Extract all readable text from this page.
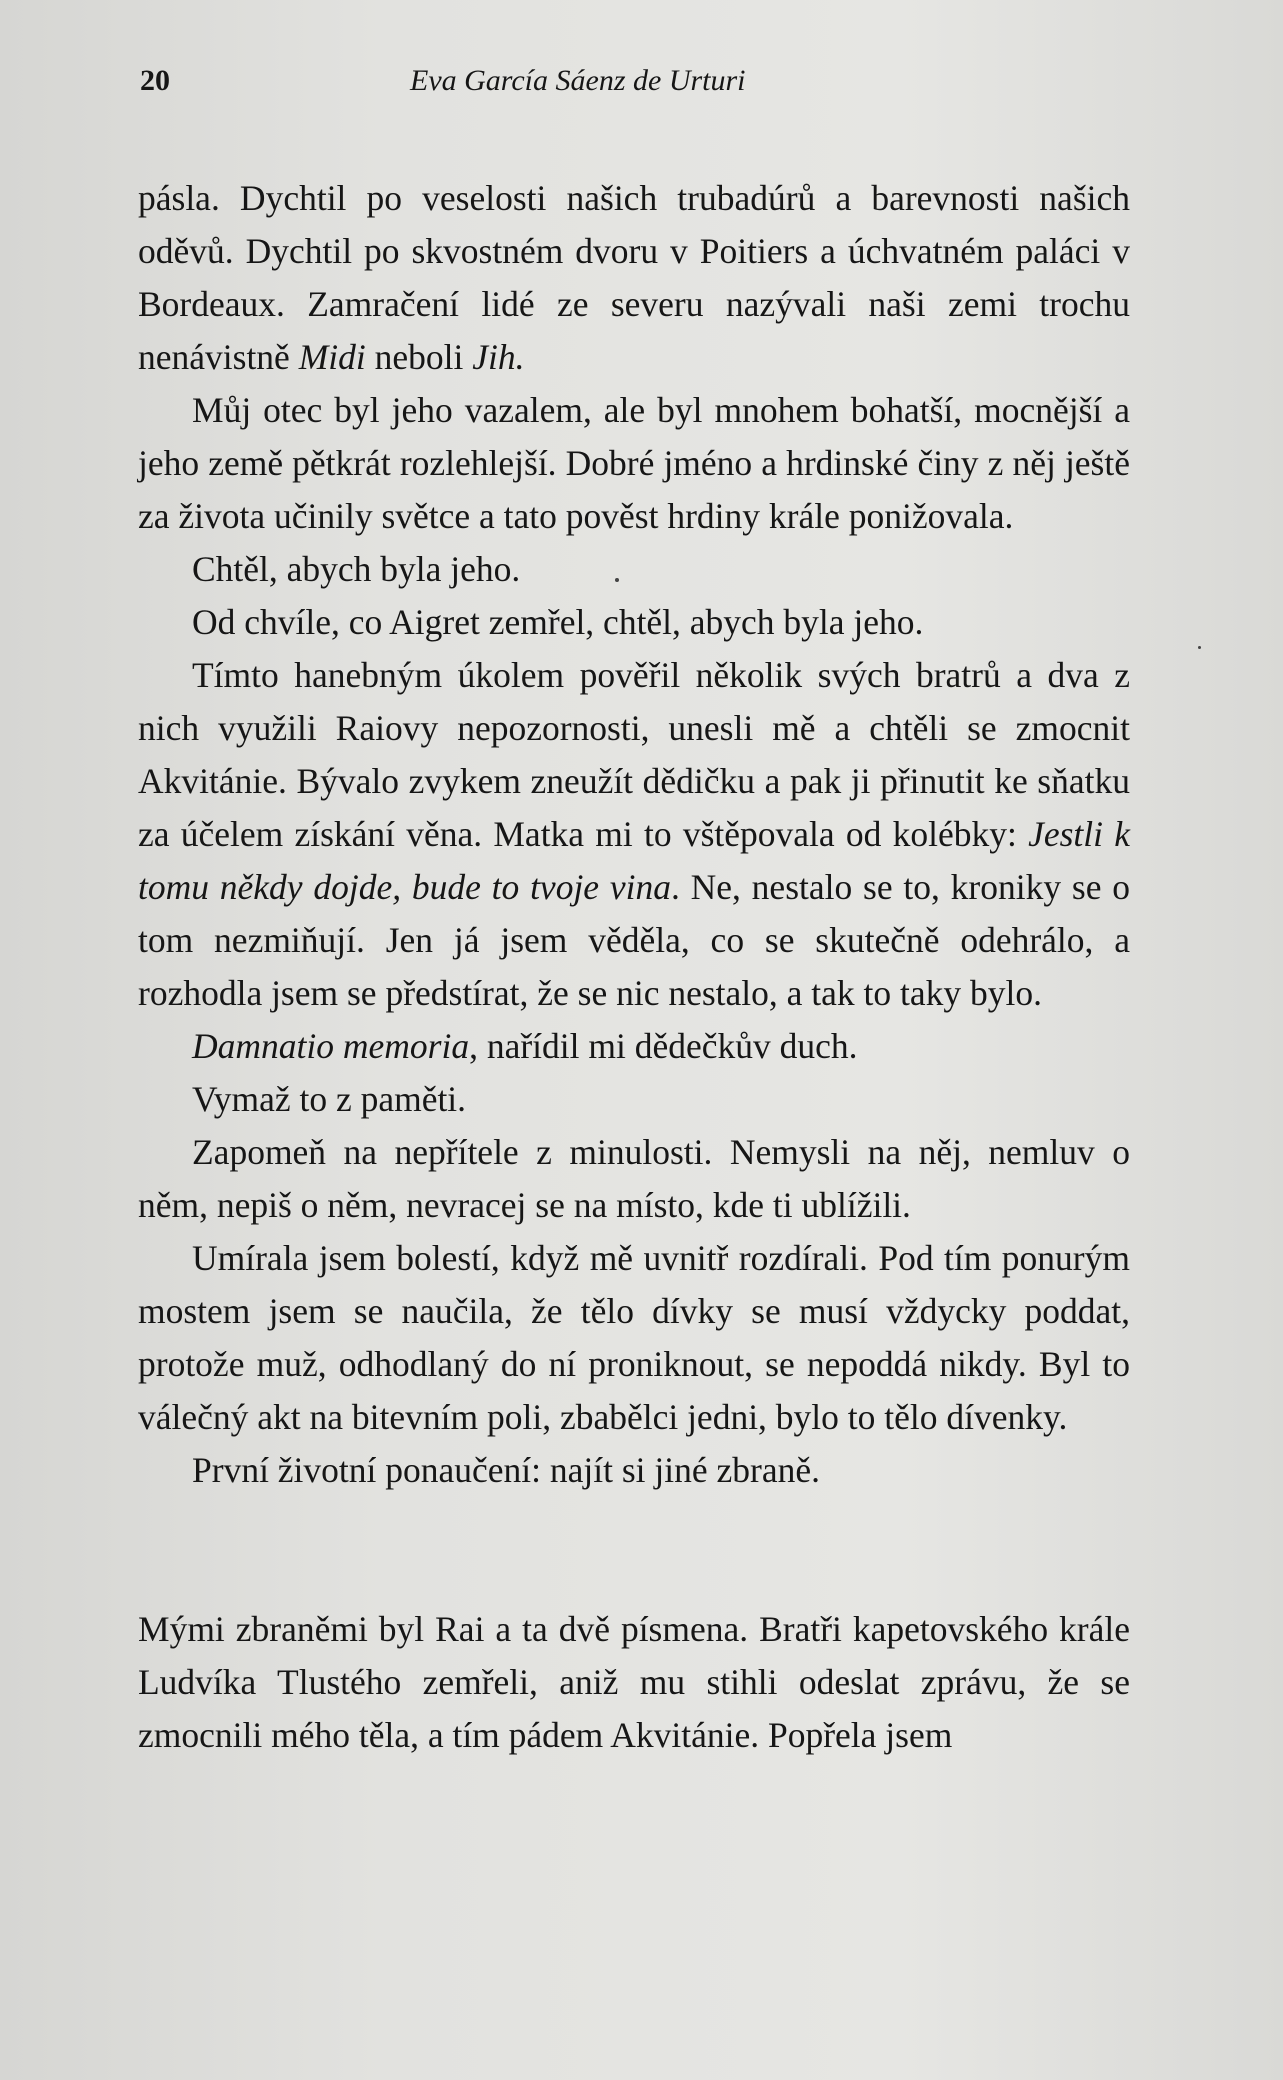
20	Eva García Sáenz de Urturi

pásla. Dychtil po veselosti našich trubadúrů a barevnosti našich oděvů. Dychtil po skvostném dvoru v Poitiers a úchvatném paláci v Bordeaux. Zamračení lidé ze severu nazývali naši zemi trochu nenávistně Midi neboli Jih.

Můj otec byl jeho vazalem, ale byl mnohem bohatší, mocnější a jeho země pětkrát rozlehlejší. Dobré jméno a hrdinské činy z něj ještě za života učinily světce a tato pověst hrdiny krále ponižovala.

Chtěl, abych byla jeho.

Od chvíle, co Aigret zemřel, chtěl, abych byla jeho.

Tímto hanebným úkolem pověřil několik svých bratrů a dva z nich využili Raiovy nepozornosti, unesli mě a chtěli se zmocnit Akvitánie. Bývalo zvykem zneužít dědičku a pak ji přinutit ke sňatku za účelem získání věna. Matka mi to vštěpovala od kolébky: Jestli k tomu někdy dojde, bude to tvoje vina. Ne, nestalo se to, kroniky se o tom nezmiňují. Jen já jsem věděla, co se skutečně odehrálo, a rozhodla jsem se předstírat, že se nic nestalo, a tak to taky bylo.

Damnatio memoria, nařídil mi dědečkův duch.

Vymaž to z paměti.

Zapomeň na nepřítele z minulosti. Nemysli na něj, nemluv o něm, nepiš o něm, nevracej se na místo, kde ti ublížili.

Umírala jsem bolestí, když mě uvnitř rozdírali. Pod tím ponurým mostem jsem se naučila, že tělo dívky se musí vždycky poddat, protože muž, odhodlaný do ní proniknout, se nepoddá nikdy. Byl to válečný akt na bitevním poli, zbabělci jedni, bylo to tělo dívenky.

První životní ponaučení: najít si jiné zbraně.

Mými zbraněmi byl Rai a ta dvě písmena. Bratři kapetovského krále Ludvíka Tlustého zemřeli, aniž mu stihli odeslat zprávu, že se zmocnili mého těla, a tím pádem Akvitánie. Popřela jsem
